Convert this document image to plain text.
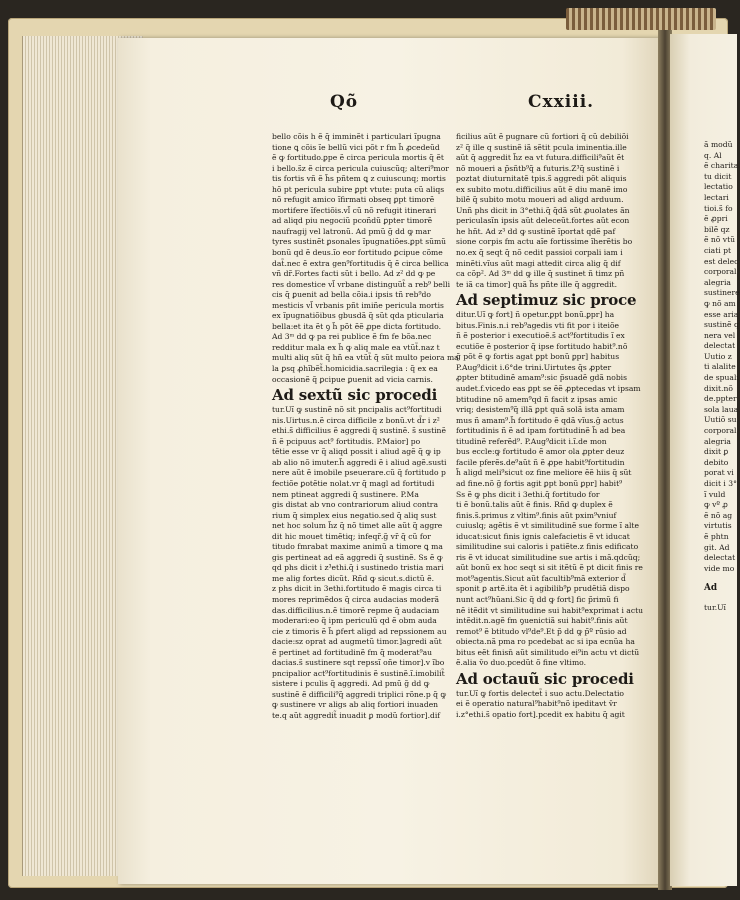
Qõ	Cxxiii.

bello cõis h ẽ q̃ imminẽt i particulari ĩpugna

tione ꝗ cõis ĩe bellũ vici põt r fm h̃ ꝓcedeũd

ẽ ꝙ fortitudo.ꝑpe ẽ circa pericula mortis q̃ ẽt

i bello.s̃z ẽ circa pericula cuiuscũq; alteri⁹mor

tis fortis vñ ẽ h̃s pñtem ꝗ z cuiuscunq; mortis

hõ pt pericula subire ꝑpt vtute: puta cũ aliqs

nõ refugit amico ĩfirmati obseq ꝑpt timorẽ

mortifere ĩfectiõis.vl̃ cũ nõ refugit itinerari

ad aliqd piu negociũ pcoñdũ ꝑpter timorẽ

naufragij vel latronũ. Ad pmũ g̃ dd ꝙ mar

tyres sustinẽt ꝑsonales ĩpugnatiões.ꝑpt sũmũ

bonũ qd ẽ deus.ĩo eor fortitudo ꝑcipue cõme

dat̃.nec ẽ extra gen⁹fortitudis q̃ ẽ circa bellica

vñ dr̃.Fortes facti sũt i bello. Ad z² dd ꝙ pe

res domestice vl̃ vrbane distinguũt̃ a reb⁹ belli

cis q̃ ꝑuenit ad bella cõia.i ipsis tñ reb⁹do

mesticis vl̃ vrbanis pñt imiñe pericula mortis

ex ĩpugnatiõibus gbusdã q̃ sũt qda pticularia

bella:et ita ẽt ꝯ h̃ põt ẽẽ ꝓpe dicta fortitudo.

Ad 3ᵐ dd ꝙ pa rei publice ẽ fm fe bõa.nec

redditur mala ex h̃ ꝙ aliq male ea vtũt̃.naz t

multi aliq sũt q̃ hñ ea vtũt̃ q̃ sũt multo peiora ma

la ꝑsq ꝓhĩbẽt̃.homicidia.sacrilegia : q̃ ex ea

occasionẽ q̃ ꝑcipue ꝑuenit ad vicia carnis.

Ad sextũ sic procedi

tur.Uĩ ꝙ sustinẽ nõ sit pncipalis act⁹fortitudi

nis.Uirtus.n.ẽ circa difficile z bonũ.vt d̃r i z²

ethi.s̃ difficilius ẽ aggredi q̃ sustinẽ. s̃ sustinẽ

ñ ẽ pcipuus act⁹ fortitudis. P.Maior] po

tẽtie esse vr q̃ aliqd possit i aliud agẽ q̃ ꝙ ip

ab alio nõ imuter.h̃ aggredi ẽ i aliud agẽ.susti

nere aũt ẽ imobile pseuerare.cũ q̃ fortitudo p

fectiõe ꝑotẽtie nolat.vr q̃ magl ad fortitudi

nem ptineat aggredi q̃ sustinere. P.Ma

gis distat ab vno contrariorum aliud contra

rium q̃ simplex eius negatio.sed q̃ aliq sust

net hoc solum h̃z q̃ nõ timet alle aũt q̃ aggre

dit hic mouet timẽtiq; infeqr̃.g̃ vr̃ q̃ cũ for

titudo fmrabat maxime animũ a timore ꝗ ma

gis pertineat ad eã aggredi q̃ sustinẽ. Ss ẽ ꝙ

qd phs dicit i z³ethi.q̃ i sustinedo tristia mari

me alig fortes dicũt. Rñd ꝙ sicut.s.dictũ ẽ.

z phs dicit in 3ethi.fortitudo ẽ magis circa ti

mores reprimẽdos q̃ circa audacias moderã

das.difficilius.n.ẽ timorẽ repme q̃ audaciam

moderari:eo q̃ ipm periculũ qd ẽ obm auda

cie z timoris ẽ h̃ ꝑfert aligd ad repssionem au

dacie:sz oprat ad augmetũ timor.]agredi aũt

ẽ pertinet ad fortitudinẽ fm q̃ moderat⁹au

dacias.s̃ sustinere sqt repssĩ oñe timor].v ĩbo

pncipalior act⁹fortitudinis ẽ sustinẽ.ĩ.imobilit̃

sistere i pculis q̃ aggredi. Ad pmũ g̃ dd ꝙ

sustinẽ ẽ difficili⁹q̃ aggredi triplici rõne.p q̃ ꝙ

ꝙ sustinere vr aligs ab aliq fortiori inuaden

te.q aũt aggredit̃ inuadit ꝑ modũ fortior].dif

ficilius aũt ẽ pugnare cũ fortiori q̃ cũ debiliõi

z² q̃ ille q sustinẽ iã sẽtit pcula iminentia.ille

aũt q̃ aggredit h̃z ea vt futura.difficili⁹aũt ẽt

nõ moueri a p̃sñtb⁹q̃ a futuris.Z³q̃ sustinẽ i

poztat diuturnitatẽ tpis.s̃ aggredi põt aliquis

ex subito motu.difficilius aũt ẽ diu manẽ imo

bilẽ q̃ subito motu moueri ad aligd arduum.

Unñ phs dicit in 3°ethi.q̃ q̃dã sũt ꝓuolates ãn

periculasĩn ipsis aũt deleceũt.fortes aũt econ

he hñt. Ad z³ dd ꝙ sustinẽ ĩportat qdẽ paf

sione corpis fm actu aĩe fortissime ĩherẽtis bo

no.ex q̃ seqt q̃ nõ cedit passioi corpali iam i

minẽti.vĩus aũt magi attedit circa alig q̃ dif

ca cõp². Ad 3ᵐ dd ꝙ ille q̃ sustinet ñ timz pñ

te iã ca timor] quã h̃s pñte ille q̃ aggredit.

Ad septimuz sic proce

ditur.Uĩ ꝙ fort] ñ opetur.ꝑpt bonũ.ꝑpr] ha

bitus.Finis.n.i reb⁹agedis vti fit por i iteiõe

ñ ẽ posterior i executioẽ.s̃ act⁹fortitudis ĩ ex

ecutiõe ẽ posterior q̃ ipse fortitudo habit⁹.nõ

g̃ põt ẽ ꝙ fortis agat ꝑpt bonũ ꝑpr] habitus

P.Aug⁹dicit i.6°de trini.Uirtutes q̃s ꝓpter

ꝓpter btitudinẽ amam⁹:sic p̃suadẽ gdã nobis

audet.f.vicedo eas ꝑpt se ẽẽ ꝓptecedas vt ipsam

btitudine nõ amem⁹qd ñ facit z ipsas amic

vriq; desistem⁹q̃ illã ꝑpt quã solã ista amam

mus ñ amam⁹.h̃ fortitudo ẽ qdã vĩus.ḡ actus

fortitudinis ñ ẽ ad ipam fortitudinẽ h̃ ad bea

titudinẽ referẽd⁹. P.Aug⁹dicit i.ĩ.de mon

bus eccle:ꝙ fortitudo ẽ amor ola ꝓpter deuz

facile pferẽs.de⁹aũt ñ ẽ ꝓpe habit⁹fortitudin

h̃ aligd meli⁹sicut oz fine meliore ẽẽ hiis q̃ sũt

ad fine.nõ g̃ fortis agit ꝑpt bonũ ꝑpr] habit⁹

Ss ẽ ꝙ phs dicit i 3ethi.q̃ fortitudo for

ti ẽ bonũ.talis aũt ẽ finis. Rñd ꝙ duplex ẽ

finis.s̃.primus z vltim⁹.finis aũt pxim⁹vniuf

cuiuslq; agẽtis ẽ vt similitudinẽ sue forme ĩ alte

iducat:sicut finis ignis calefacietis ẽ vt iducat

similitudine sui caloris i patiẽte.z finis edificato

ris ẽ vt iducat similitudine sue artis i mã.qdcũq;

aũt bonũ ex hoc seqt si sit itẽtũ ẽ pt dicit finis re

mot⁹agentis.Sicut aũt facultib⁹mã exterior d̃

sponit ꝑ artẽ.ita ẽt i agibilib⁹ꝑ prudẽtiã dispo

nunt act⁹hũani.Sic q̃ dd ꝙ fort] fic p̃rimũ fi

nẽ itẽdit vt similitudine sui habit⁹exprimat i actu

intẽdit.n.agẽ fm ꝯuenictiã sui habit⁹.finis aũt

remot⁹ ẽ btitudo vl⁹de⁹.Et p̃ dd ꝙ p̃º rũsio ad

obiecta.nã pma ro pcedebat ac si ipa ecnũa ha

bitus eẽt finisn̄ aũt similitudo ei⁹in actu vt dictũ

ẽ.alia v̄o duo.pcedũt õ fine vltimo.

Ad octauũ sic procedi

tur.Uĩ ꝙ fortis delectet̃ i suo actu.Delectatio

ei ẽ operatio natural⁹habit⁹nõ ipeditavt v̄r

i.z°ethi.s̃ opatio fort].pcedit ex habitu q̃ agit

ã modũ

q. Al

ẽ charita

tu dicit

lectatio

lectari

tioi.s̃ fo

ẽ ꝓpri

bilẽ qz

ẽ nõ vtũ

ciati pt

est delec

corporal

alegria

sustinere

ꝙ nõ am

esse aria

sustinẽ q

nera vel

delectat

Uutio z

ti alalite

de spuali

dixit.nõ

de.ppter

sola laua

Uutiõ su

corporal

alegria

dixit ꝑ

debito

porat vi

dicit i 3°

ĩ vuld

ꝙ vº ꝓ

ẽ nõ ag

virtutis

ẽ phtn

git. Ad

delectat

vide mo

Ad

tur.Uĩ
